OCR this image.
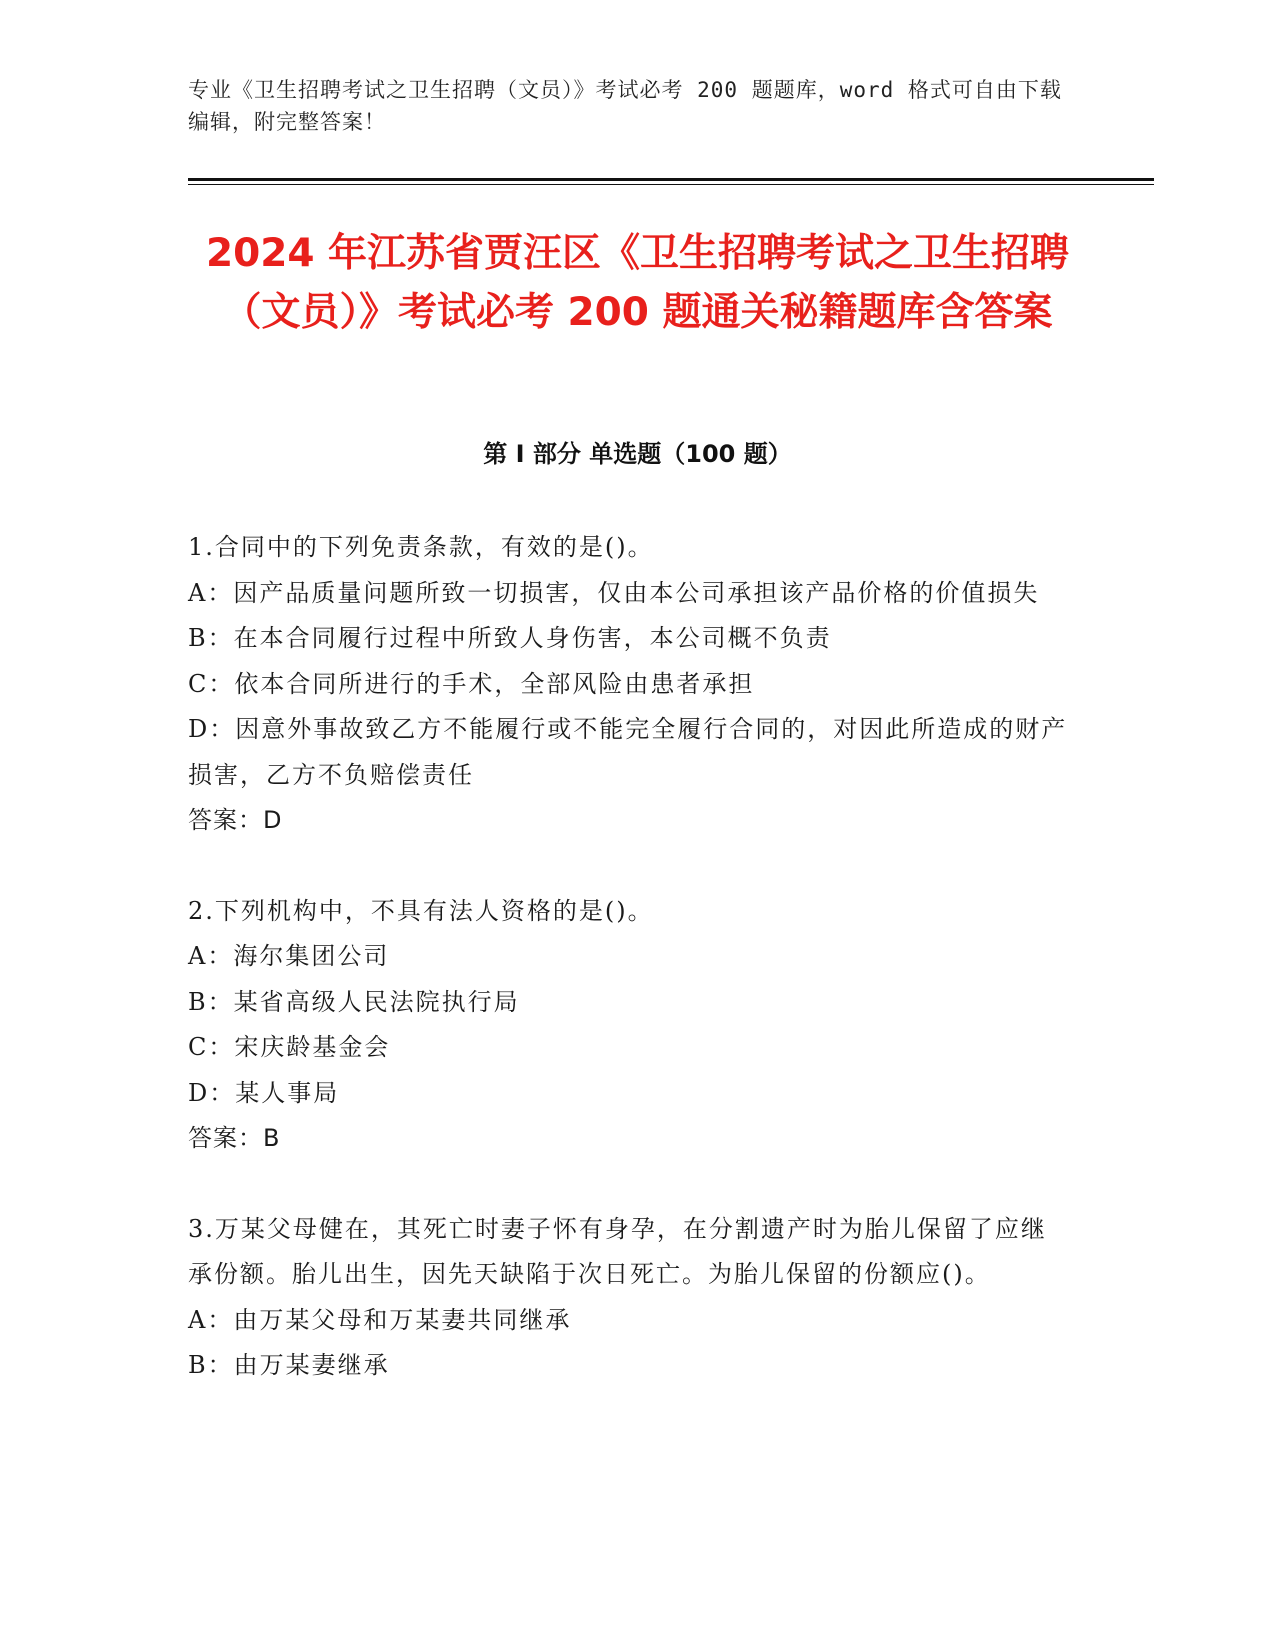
专业《卫生招聘考试之卫生招聘（文员）》考试必考 200 题题库，word 格式可自由下载编辑，附完整答案！
2024 年江苏省贾汪区《卫生招聘考试之卫生招聘（文员）》考试必考 200 题通关秘籍题库含答案
第 I 部分 单选题（100 题）

1.合同中的下列免责条款，有效的是()。

A：因产品质量问题所致一切损害，仅由本公司承担该产品价格的价值损失

B：在本合同履行过程中所致人身伤害，本公司概不负责

C：依本合同所进行的手术，全部风险由患者承担

D：因意外事故致乙方不能履行或不能完全履行合同的，对因此所造成的财产损害，乙方不负赔偿责任

答案：D

2.下列机构中，不具有法人资格的是()。

A：海尔集团公司

B：某省高级人民法院执行局

C：宋庆龄基金会

D：某人事局

答案：B

3.万某父母健在，其死亡时妻子怀有身孕，在分割遗产时为胎儿保留了应继承份额。胎儿出生，因先天缺陷于次日死亡。为胎儿保留的份额应()。

A：由万某父母和万某妻共同继承

B：由万某妻继承
